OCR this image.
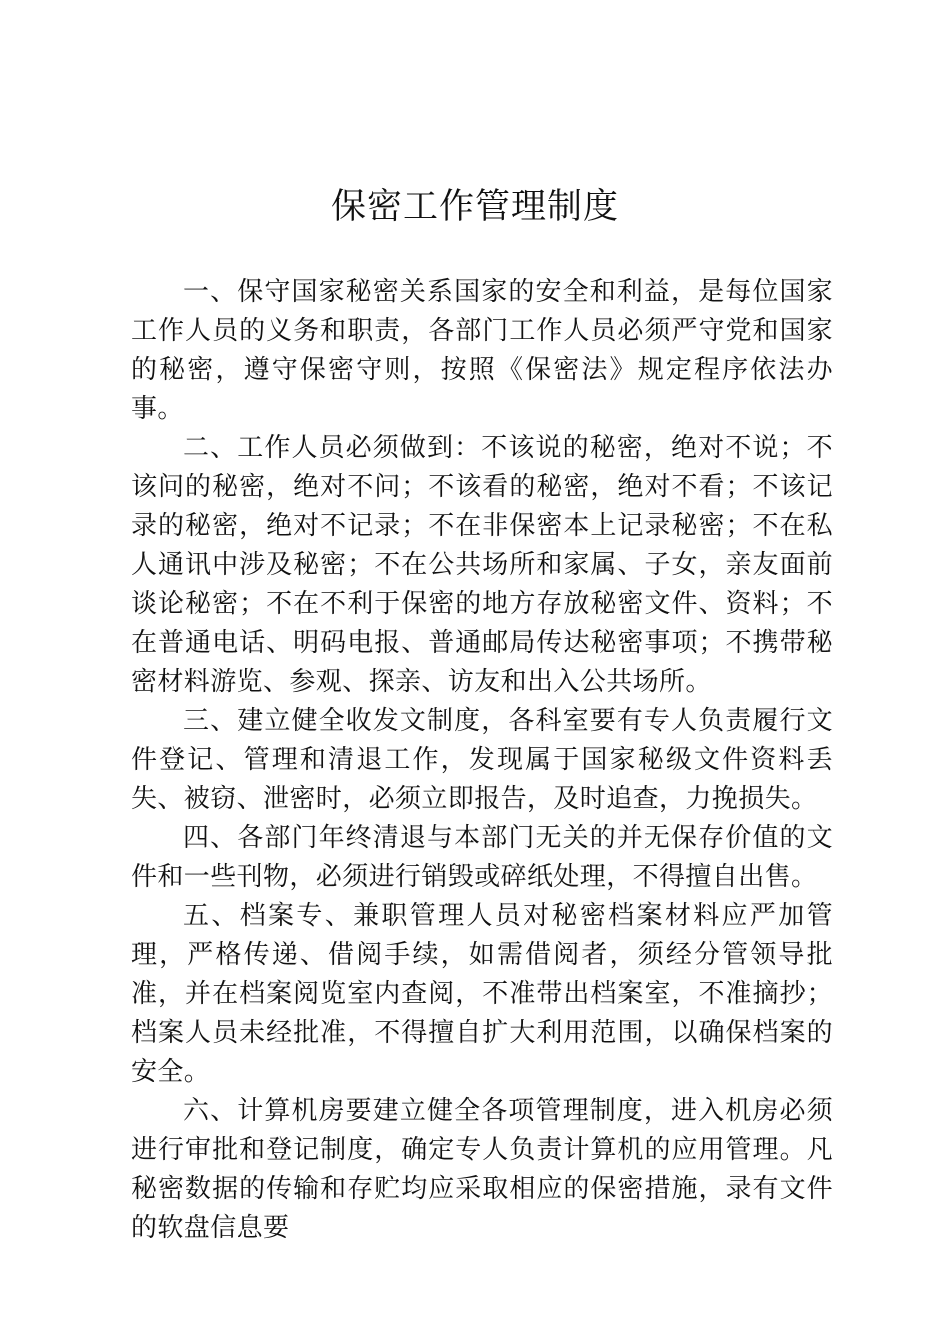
保密工作管理制度

一、保守国家秘密关系国家的安全和利益，是每位国家工作人员的义务和职责，各部门工作人员必须严守党和国家的秘密，遵守保密守则，按照《保密法》规定程序依法办事。

二、工作人员必须做到：不该说的秘密，绝对不说；不该问的秘密，绝对不问；不该看的秘密，绝对不看；不该记录的秘密，绝对不记录；不在非保密本上记录秘密；不在私人通讯中涉及秘密；不在公共场所和家属、子女，亲友面前谈论秘密；不在不利于保密的地方存放秘密文件、资料；不在普通电话、明码电报、普通邮局传达秘密事项；不携带秘密材料游览、参观、探亲、访友和出入公共场所。

三、建立健全收发文制度，各科室要有专人负责履行文件登记、管理和清退工作，发现属于国家秘级文件资料丢失、被窃、泄密时，必须立即报告，及时追查，力挽损失。

四、各部门年终清退与本部门无关的并无保存价值的文件和一些刊物，必须进行销毁或碎纸处理，不得擅自出售。

五、档案专、兼职管理人员对秘密档案材料应严加管理，严格传递、借阅手续，如需借阅者，须经分管领导批准，并在档案阅览室内查阅，不准带出档案室，不准摘抄；档案人员未经批准，不得擅自扩大利用范围，以确保档案的安全。

六、计算机房要建立健全各项管理制度，进入机房必须进行审批和登记制度，确定专人负责计算机的应用管理。凡秘密数据的传输和存贮均应采取相应的保密措施，录有文件的软盘信息要
